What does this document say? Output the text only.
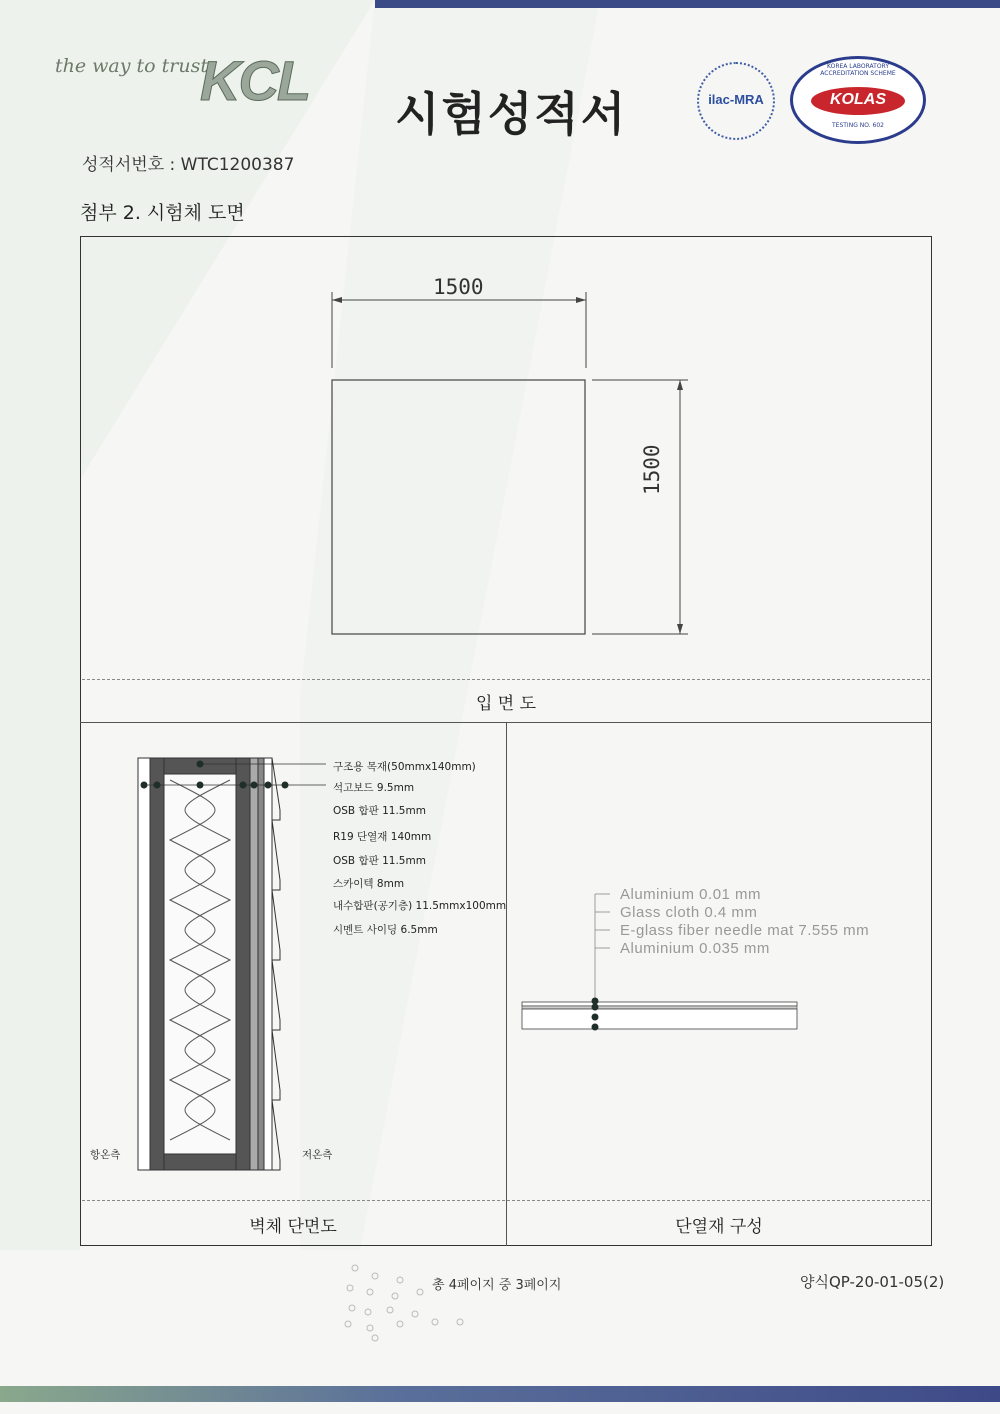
the way to trust
KCL
시험성적서	ilac-MRA
KOREA LABORATORY ACCREDITATION SCHEME
KOLAS
TESTING NO. 602
성적서번호 : WTC1200387
첨부 2. 시험체 도면
1500
1500
입 면 도
구조용 목재(50mmx140mm)
석고보드 9.5mm
OSB 합판 11.5mm
R19 단열재 140mm
OSB 합판 11.5mm
스카이텍 8mm
내수합판(공기층) 11.5mmx100mm
시멘트 사이딩 6.5mm
항온측	저온측
Aluminium 0.01 mm
Glass cloth 0.4 mm
E-glass fiber needle mat 7.555 mm
Aluminium 0.035 mm
벽체 단면도	단열재 구성
총 4페이지 중 3페이지	양식QP-20-01-05(2)
